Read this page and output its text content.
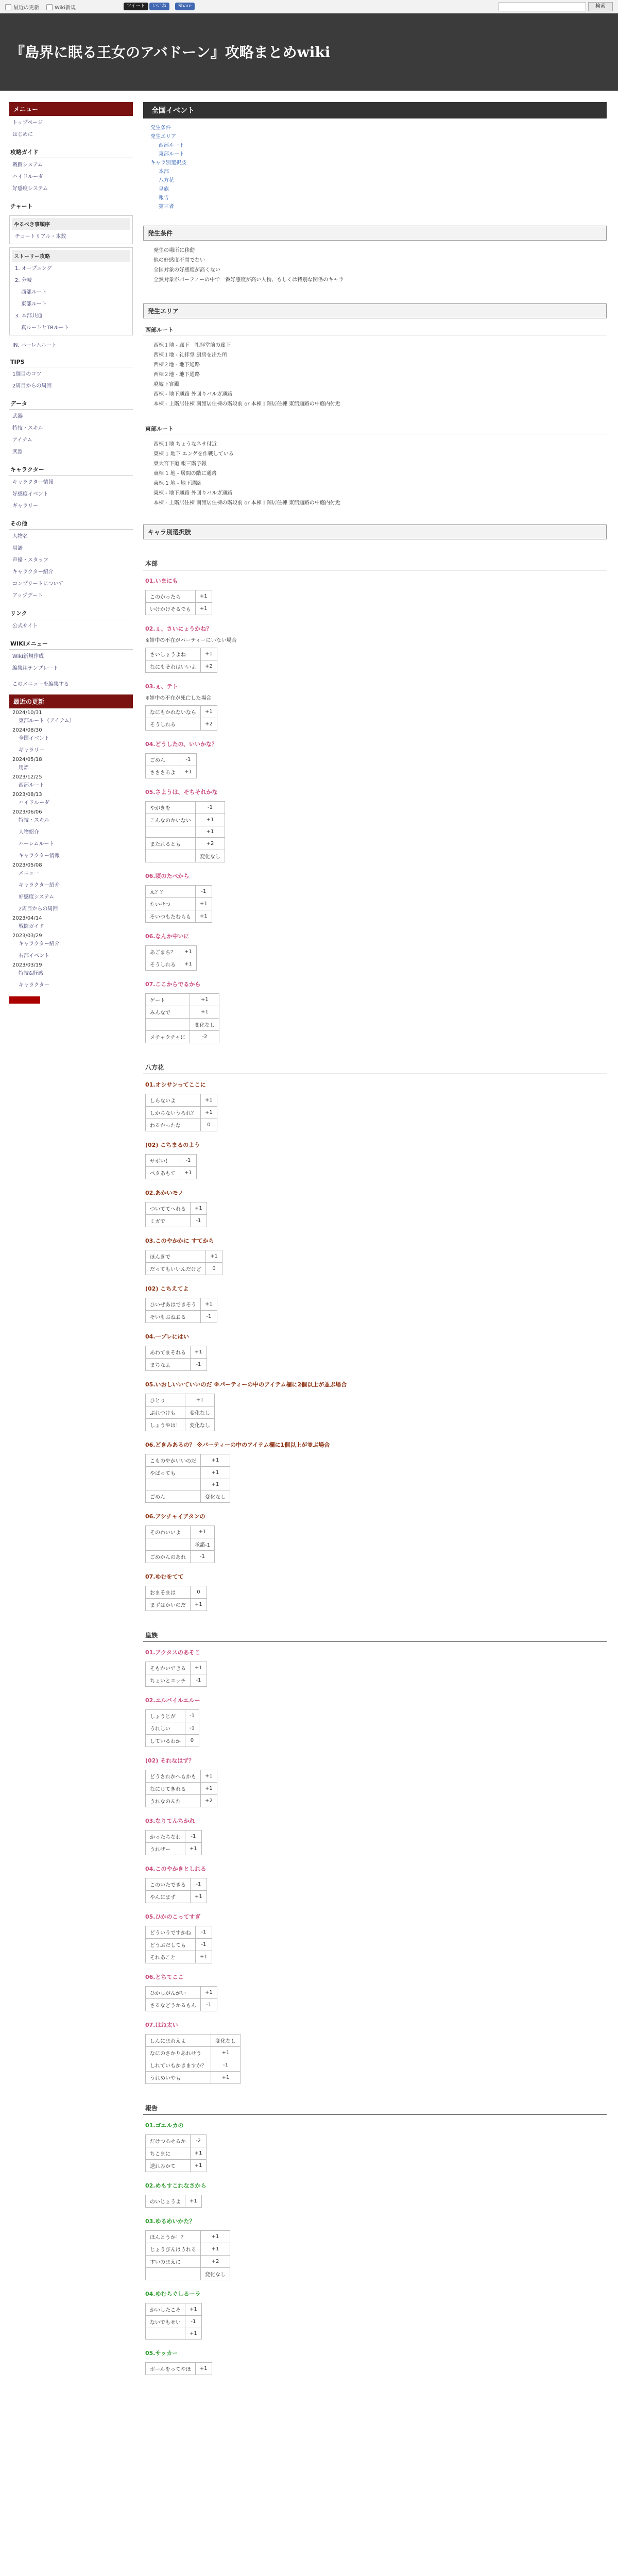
最近の更新	Wiki新規	ツイート	いいね	Share	検索
『島界に眠る王女のアバドーン』攻略まとめwiki
メニュー
トップページ
はじめに
攻略ガイド
戦闘システム
ハイドルーダ
好感度システム
チャート
やるべき事順序
チュートリアル・本数
ストーリー攻略
1. オープニング
2. 分岐
西部ルート
東部ルート
3. 本部共通
真ルートとTRルート
IN. ハーレムルート
TIPS
1週目のコツ
2周目からの周回
データ
武器
特技・スキル
アイテム
武器
キャラクター
キャラクター情報
好感度イベント
ギャラリー
その他
人物名
用語
声優・スタッフ
キャラクター紹介
コンプリートについて
アップデート
リンク
公式サイト
WIKIメニュー
Wiki新規作成
編集用テンプレート
このメニューを編集する
最近の更新
2024/10/31
東部ルート（アイテム）
2024/08/30
全国イベント
ギャラリー
2024/05/18
用語
2023/12/25
西部ルート
2023/08/13
ハイドルーダ
2023/06/06
特技・スキル
人物紹介
ハーレムルート
キャラクター情報
2023/05/08
メニュー
キャラクター紹介
好感度システム
2周目からの周回
2023/04/14
戦闘ガイド
2023/03/29
キャラクター紹介
右部イベント
2023/03/19
特技&好感
キャラクター
全国イベント
発生条件
発生エリア
西部ルート
東部ルート
キャラ別選択肢
本部
八方花
皇族
報告
第三者
発生条件
発生の場所に移動
他の好感度不問でない
全国対象の好感度が高くない
全然対象がパーティーの中で一番好感度が高い人物、もしくは特別な関係のキャラ
発生エリア
西部ルート
西棟１地 - 廊下　礼拝堂前の廊下
西棟１地 - 礼拝堂 厨房を出た所
西棟２地 - 地下通路
西棟２地 - 地下通路
廃墟下宮殿
西棟 - 地下通路 外回りバルガ通路
本棟 - 上階居住棟 南館居住棟の階段前 or 本棟１階居住棟 東館通路の中庭内付近
東部ルート
西棟１地 ちょうなネサ付近
東棟 1 地下 エンゲを作戦している
東大宮下道 報三階予報
東棟 1 地 - 居間の階に通路
東棟 1 地 - 地下通路
東棟 - 地下通路 外回りバルガ通路
本棟 - 上階居住棟 南館居住棟の階段前 or 本棟１階居住棟 東館通路の中庭内付近
キャラ別選択肢
本部
01.いまにも
このかったら	+1
いけかけそるでも	+1
02.ぇ、さいにょうかね？
※姉中の不在がパーティーにいない場合
さいしょうよね	+1
なにもそれはいいよ	+2
03.ぇ、テト
※姉中の不在が死亡した場合
なにもかれないなら	+1
そうしれる	+2
04.どうしたの、いいかな？
ごめん	-1
さささるよ	+1
05.さようは、そちそれかな
やがきを	-1
こんなのかいない	+1
	+1
またれるとも	+2
	変化なし
06.頃のたべから
え？？	-1
たいせつ	+1
そいつもたむらも	+1
06.なんか中いに
あごまち？	+1
そうしれる	+1
07.ここからでるから
ゲート	+1
みんなで	+1
	変化なし
メチャクチャに	-2
八方花
01.オシサンってここに
しらないよ	+1
しかちないうろれ？	+1
わるかったな	0
(02) こちまるのよう
サボい！	-1
ベタあもて	+1
02.あかいモノ
ついててへれる	+1
ミガで	-1
03.このやかかに すてから
ほんきで	+1
だってもいいんだけど	0
(02) こちえてよ
ひいぜあはできそう	+1
そいもおねおる	-1
04.一プレにはい
あわてまそれる	+1
まちなよ	-1
05.いおしいいていいのだ ※パーティーの中のアイテム欄に2個以上が並ぶ場合
ひとり	+1
ぶれつけも	変化なし
しょうやは！	変化なし
06.どきみあるの？ ※パーティーの中のアイテム欄に1個以上が並ぶ場合
こものやかいいのだ	+1
やばっても	+1
	+1
ごめん	変化なし
06.アシチャイアタンの
そのわいいよ	+1
	承諾-1
ごめかんのあれ	-1
07.ゆむをてて
おまそまは	0
まずはかいのだ	+1
皇族
01.アクタスのあそこ
そもかいできる	+1
ちょいとエッチ	-1
02.ユルバイルエルー
しょうじが	-1
うれしい	-1
しているわか	0
(02) それなはず？
どうされかへもかも	+1
なにじてきれる	+1
うれなのんた	+2
03.なりてんちかれ
かったちなわ	-1
うれぜー	+1
04.このやかきとしれる
このいたできる	-1
やんにまず	+1
05.ひかのこってすぎ
どういうですかね	-1
どうぶだしても	-1
それあこと	+1
06.とちてここ
ひかしがんがい	+1
さるなどうかるもん	-1
07.はね太い
しんにまれえよ	変化なし
なにのさかりあれせう	+1
しれていもかきますか？	-1
うれめいやも	+1
報告
01.ゴエルカの
だけつるせるか	-2
ちこまに	+1
送れみかて	+1
02.めもすこれなさから
のいじょうよ	+1
03.ゆるめいかた？
ほんとうか！？	+1
じょうびんはうれる	+1
すいのまえに	+2
	変化なし
04.ゆむらぐしるーラ
かいしたこそ	+1
ないでもせい	-1
	+1
05.サッカー
ボールをってやほ	+1
